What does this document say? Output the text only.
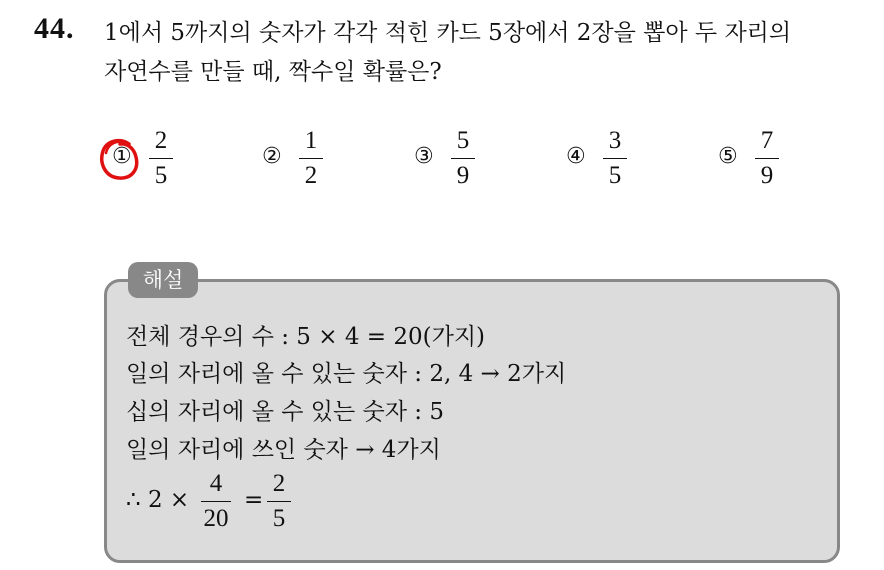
44. 1에서 5까지의 숫자가 각각 적힌 카드 5장에서 2장을 뽑아 두 자리의
자연수를 만들 때, 짝수일 확률은?
①
2
5
②
1
2
③
5
9
④
3
5
⑤
7
9
해설
전체 경우의 수 : 5 × 4 = 20(가지)
일의 자리에 올 수 있는 숫자 : 2, 4 → 2가지
십의 자리에 올 수 있는 숫자 : 5
일의 자리에 쓰인 숫자 → 4가지
∴ 2 ×
4
20
=
2
5
